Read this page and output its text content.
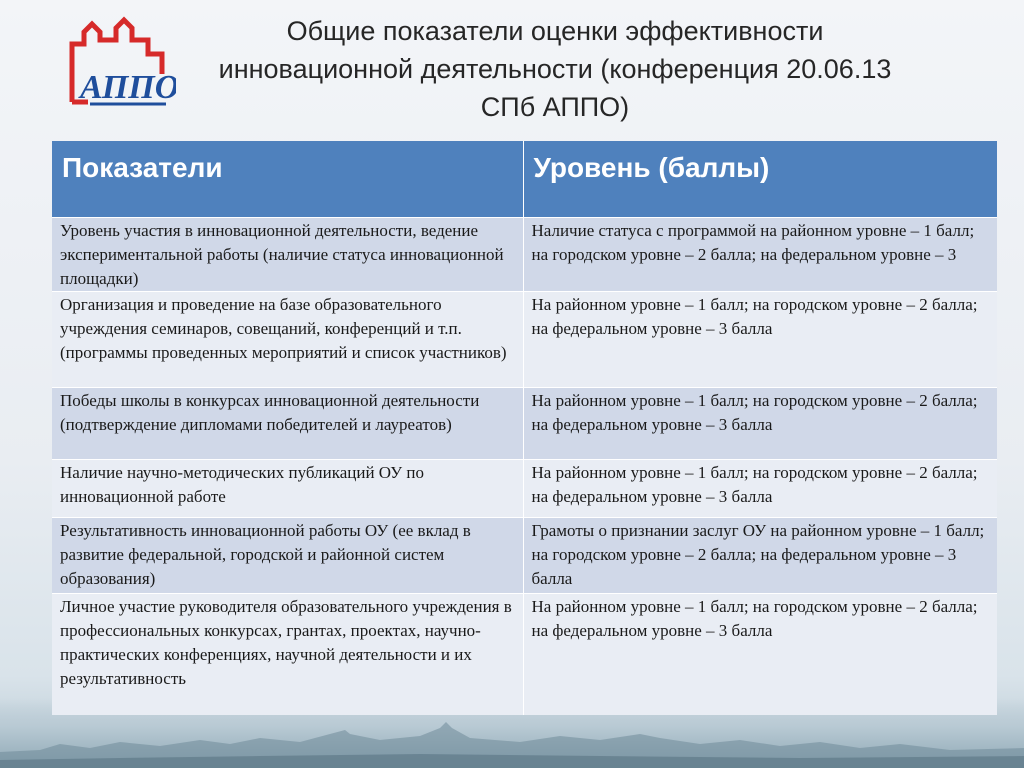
АППО
Общие показатели оценки эффективности
инновационной деятельности (конференция 20.06.13
СПб АППО)
Показатели	Уровень (баллы)
Уровень участия в инновационной деятельности, ведение экспериментальной работы (наличие статуса инновационной площадки)	Наличие статуса с программой на районном уровне – 1 балл; на городском уровне – 2 балла; на федеральном уровне – 3
Организация и проведение на базе образовательного учреждения семинаров, совещаний, конференций и т.п. (программы проведенных мероприятий и список участников)	На районном уровне – 1 балл; на городском уровне – 2 балла; на федеральном уровне – 3 балла
Победы школы в конкурсах инновационной деятельности (подтверждение дипломами победителей и лауреатов)	На районном уровне – 1 балл; на городском уровне – 2 балла; на федеральном уровне – 3 балла
Наличие научно-методических публикаций ОУ по инновационной работе	На районном уровне – 1 балл; на городском уровне – 2 балла; на федеральном уровне – 3 балла
Результативность инновационной работы ОУ (ее вклад в развитие федеральной, городской и районной систем образования)	Грамоты о признании заслуг ОУ на районном уровне – 1 балл; на городском уровне – 2 балла; на федеральном уровне – 3 балла
Личное участие руководителя образовательного учреждения в профессиональных конкурсах, грантах, проектах, научно-практических конференциях, научной деятельности и их результативность	На районном уровне – 1 балл; на городском уровне – 2 балла; на федеральном уровне – 3 балла
